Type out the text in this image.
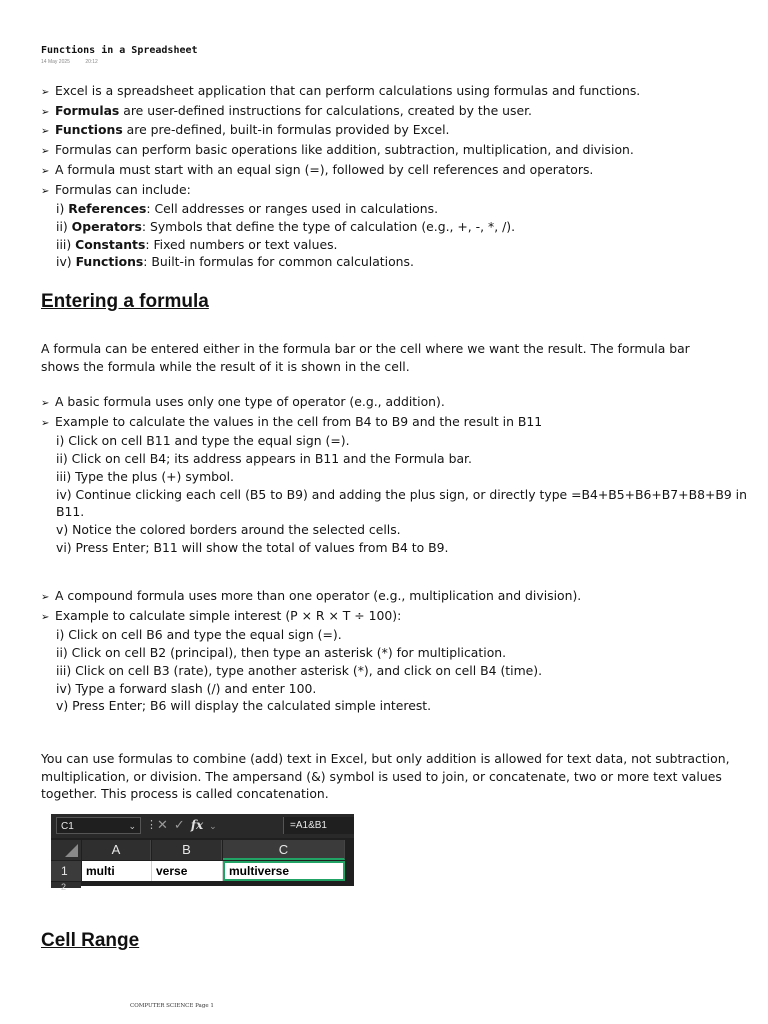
Functions in a Spreadsheet
14 May 2025	20:12
➢ Excel is a spreadsheet application that can perform calculations using formulas and functions.
➢ Formulas are user-defined instructions for calculations, created by the user.
➢ Functions are pre-defined, built-in formulas provided by Excel.
➢ Formulas can perform basic operations like addition, subtraction, multiplication, and division.
➢ A formula must start with an equal sign (=), followed by cell references and operators.
➢ Formulas can include:
i) References: Cell addresses or ranges used in calculations.
ii) Operators: Symbols that define the type of calculation (e.g., +, -, *, /).
iii) Constants: Fixed numbers or text values.
iv) Functions: Built-in formulas for common calculations.
Entering a formula

A formula can be entered either in the formula bar or the cell where we want the result. The formula bar

shows the formula while the result of it is shown in the cell.

➢ A basic formula uses only one type of operator (e.g., addition).
➢ Example to calculate the values in the cell from B4 to B9 and the result in B11
i) Click on cell B11 and type the equal sign (=).
ii) Click on cell B4; its address appears in B11 and the Formula bar.
iii) Type the plus (+) symbol.
iv) Continue clicking each cell (B5 to B9) and adding the plus sign, or directly type =B4+B5+B6+B7+B8+B9 in
B11.
v) Notice the colored borders around the selected cells.
vi) Press Enter; B11 will show the total of values from B4 to B9.
➢ A compound formula uses more than one operator (e.g., multiplication and division).
➢ Example to calculate simple interest (P × R × T ÷ 100):
i) Click on cell B6 and type the equal sign (=).
ii) Click on cell B2 (principal), then type an asterisk (*) for multiplication.
iii) Click on cell B3 (rate), type another asterisk (*), and click on cell B4 (time).
iv) Type a forward slash (/) and enter 100.
v) Press Enter; B6 will display the calculated simple interest.

You can use formulas to combine (add) text in Excel, but only addition is allowed for text data, not subtraction,

multiplication, or division. The ampersand (&) symbol is used to join, or concatenate, two or more text values

together. This process is called concatenation.

C1	⌄ ⋮ ✕ ✓ fx ⌄	=A1&B1
A	B	C
1	multi	verse	multiverse
2
Cell Range
COMPUTER SCIENCE Page 1
